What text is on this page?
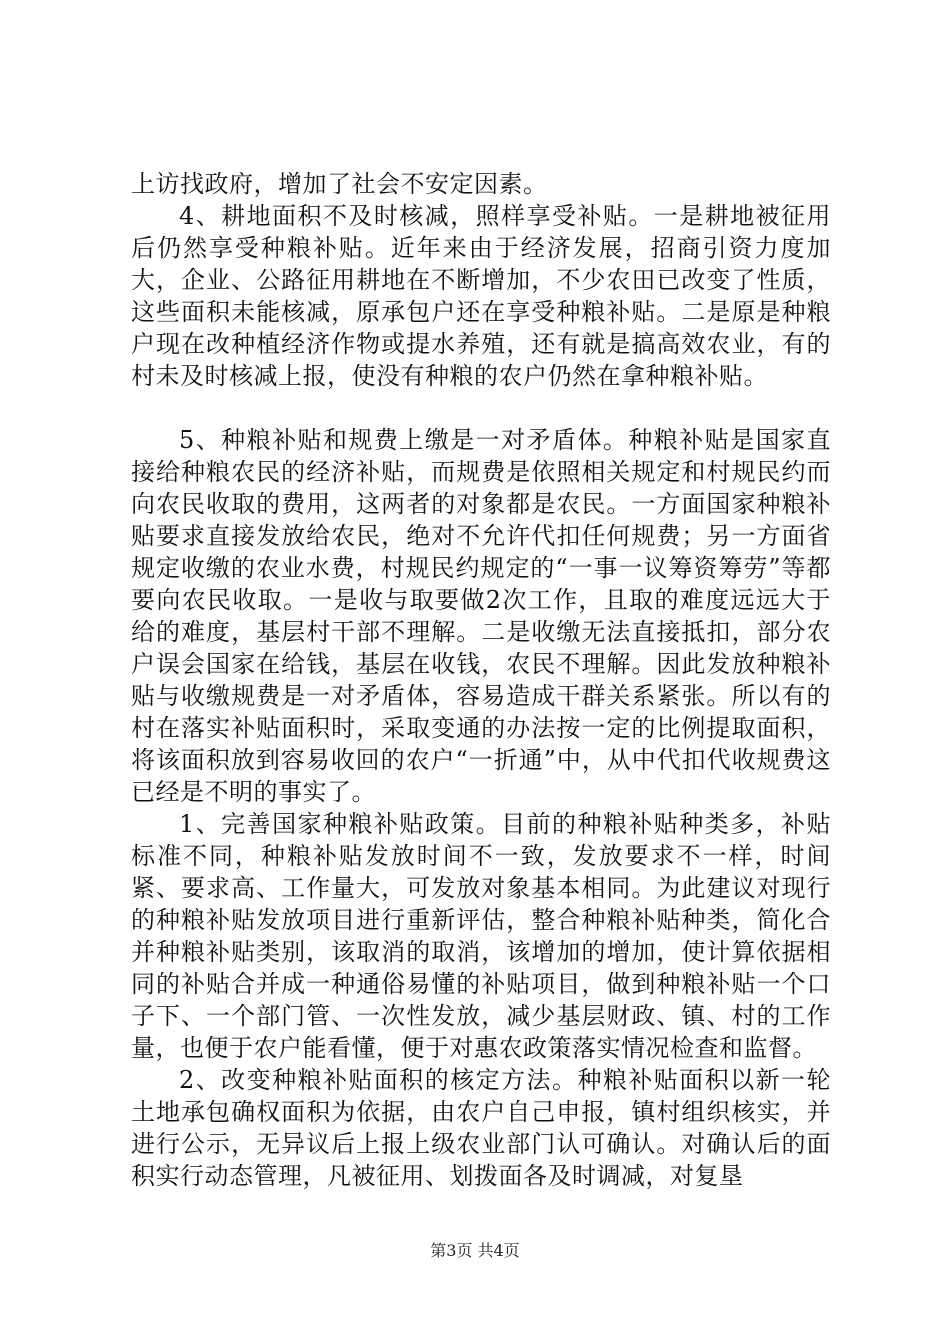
上访找政府，增加了社会不安定因素。

4、耕地面积不及时核减，照样享受补贴。一是耕地被征用后仍然享受种粮补贴。近年来由于经济发展，招商引资力度加大，企业、公路征用耕地在不断增加，不少农田已改变了性质，这些面积未能核减，原承包户还在享受种粮补贴。二是原是种粮户现在改种植经济作物或提水养殖，还有就是搞高效农业，有的村未及时核减上报，使没有种粮的农户仍然在拿种粮补贴。

5、种粮补贴和规费上缴是一对矛盾体。种粮补贴是国家直接给种粮农民的经济补贴，而规费是依照相关规定和村规民约而向农民收取的费用，这两者的对象都是农民。一方面国家种粮补贴要求直接发放给农民，绝对不允许代扣任何规费；另一方面省规定收缴的农业水费，村规民约规定的“一事一议筹资筹劳”等都要向农民收取。一是收与取要做2次工作，且取的难度远远大于给的难度，基层村干部不理解。二是收缴无法直接抵扣，部分农户误会国家在给钱，基层在收钱，农民不理解。因此发放种粮补贴与收缴规费是一对矛盾体，容易造成干群关系紧张。所以有的村在落实补贴面积时，采取变通的办法按一定的比例提取面积，将该面积放到容易收回的农户“一折通”中，从中代扣代收规费这已经是不明的事实了。

1、完善国家种粮补贴政策。目前的种粮补贴种类多，补贴标准不同，种粮补贴发放时间不一致，发放要求不一样，时间紧、要求高、工作量大，可发放对象基本相同。为此建议对现行的种粮补贴发放项目进行重新评估，整合种粮补贴种类，简化合并种粮补贴类别，该取消的取消，该增加的增加，使计算依据相同的补贴合并成一种通俗易懂的补贴项目，做到种粮补贴一个口子下、一个部门管、一次性发放，减少基层财政、镇、村的工作量，也便于农户能看懂，便于对惠农政策落实情况检查和监督。

2、改变种粮补贴面积的核定方法。种粮补贴面积以新一轮土地承包确权面积为依据，由农户自己申报，镇村组织核实，并进行公示，无异议后上报上级农业部门认可确认。对确认后的面积实行动态管理，凡被征用、划拨面各及时调减，对复垦

第3页 共4页
